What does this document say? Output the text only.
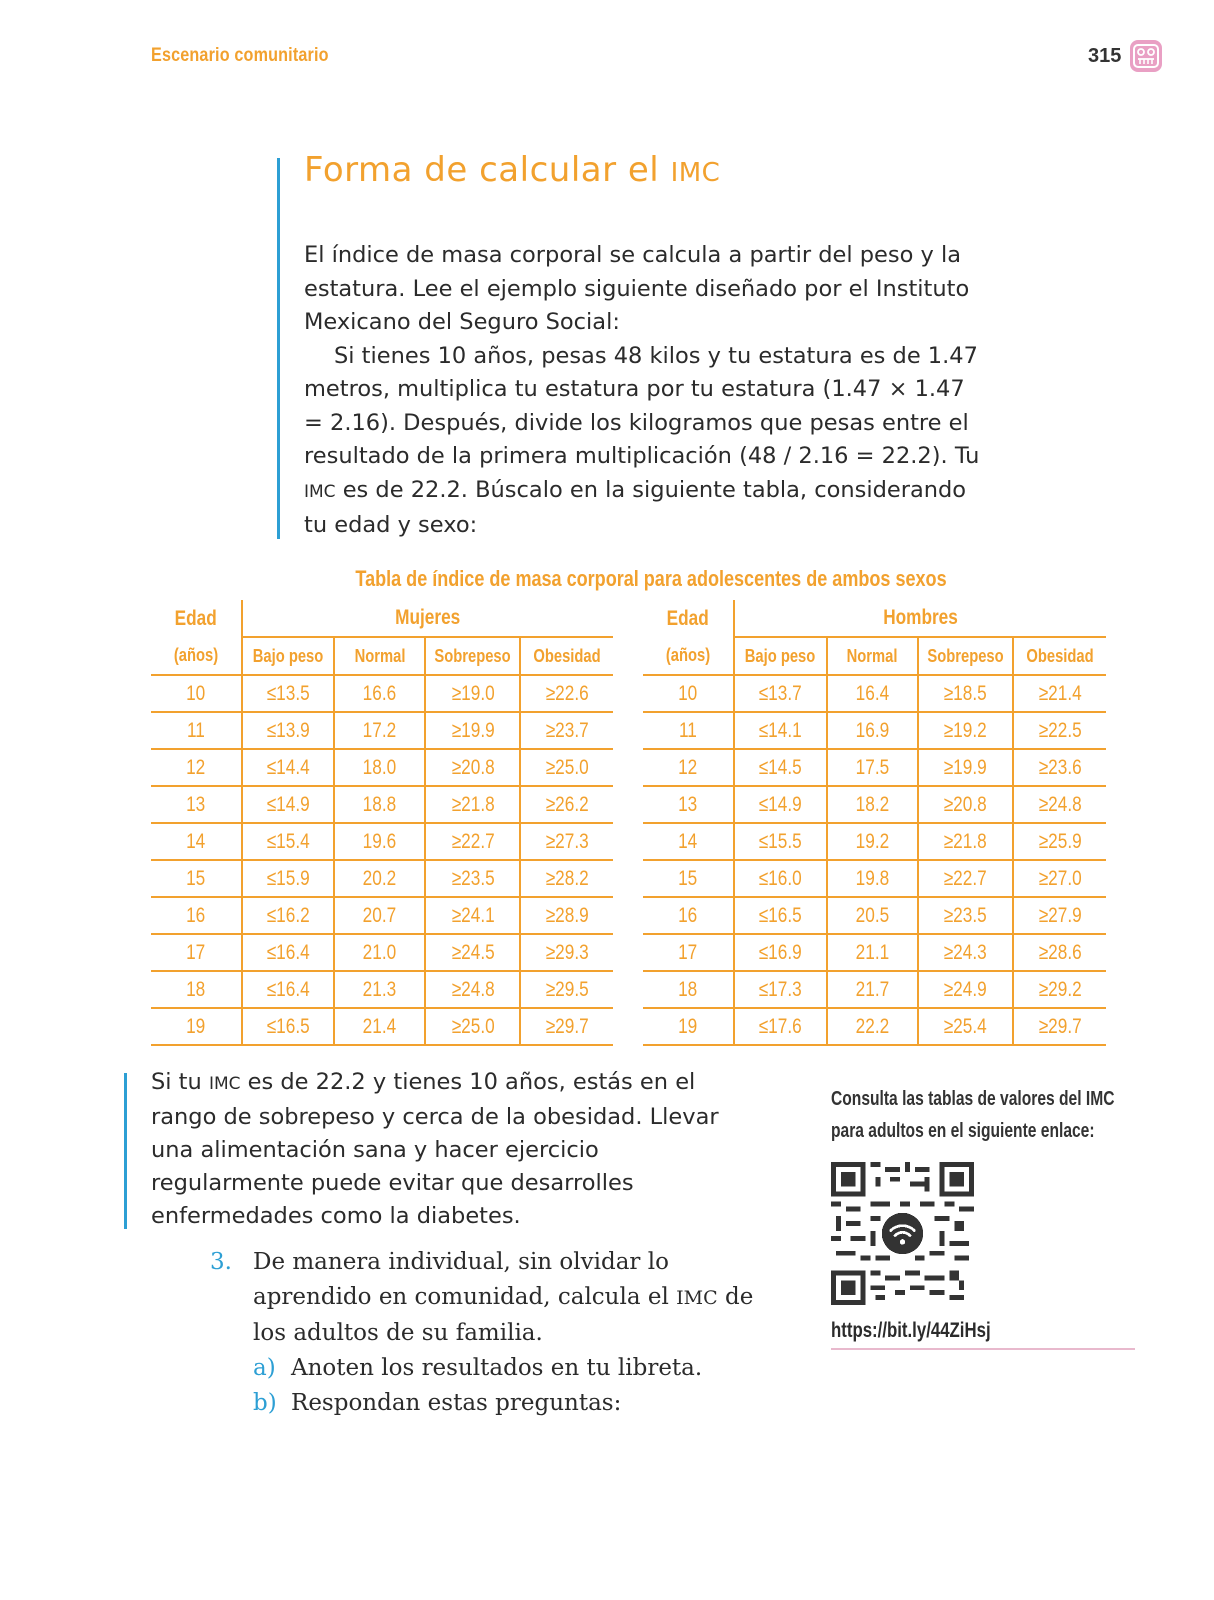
Escenario comunitario	315
Forma de calcular el IMC

El índice de masa corporal se calcula a partir del peso y la estatura. Lee el ejemplo siguiente diseñado por el Instituto Mexicano del Seguro Social:

Si tienes 10 años, pesas 48 kilos y tu estatura es de 1.47 metros, multiplica tu estatura por tu estatura (1.47 × 1.47 = 2.16). Después, divide los kilogramos que pesas entre el resultado de la primera multiplicación (48 / 2.16 = 22.2). Tu IMC es de 22.2. Búscalo en la siguiente tabla, considerando tu edad y sexo:

Tabla de índice de masa corporal para adolescentes de ambos sexos
Edad	Mujeres			
(años)	Bajo peso	Normal	Sobrepeso	Obesidad
10	≤13.5	16.6	≥19.0	≥22.6
11	≤13.9	17.2	≥19.9	≥23.7
12	≤14.4	18.0	≥20.8	≥25.0
13	≤14.9	18.8	≥21.8	≥26.2
14	≤15.4	19.6	≥22.7	≥27.3
15	≤15.9	20.2	≥23.5	≥28.2
16	≤16.2	20.7	≥24.1	≥28.9
17	≤16.4	21.0	≥24.5	≥29.3
18	≤16.4	21.3	≥24.8	≥29.5
19	≤16.5	21.4	≥25.0	≥29.7
Edad	Hombres			
(años)	Bajo peso	Normal	Sobrepeso	Obesidad
10	≤13.7	16.4	≥18.5	≥21.4
11	≤14.1	16.9	≥19.2	≥22.5
12	≤14.5	17.5	≥19.9	≥23.6
13	≤14.9	18.2	≥20.8	≥24.8
14	≤15.5	19.2	≥21.8	≥25.9
15	≤16.0	19.8	≥22.7	≥27.0
16	≤16.5	20.5	≥23.5	≥27.9
17	≤16.9	21.1	≥24.3	≥28.6
18	≤17.3	21.7	≥24.9	≥29.2
19	≤17.6	22.2	≥25.4	≥29.7
Si tu IMC es de 22.2 y tienes 10 años, estás en el rango de sobrepeso y cerca de la obesidad. Llevar una alimentación sana y hacer ejercicio regularmente puede evitar que desarrolles enfermedades como la diabetes.
3. De manera individual, sin olvidar lo aprendido en comunidad, calcula el IMC de los adultos de su familia.
a) Anoten los resultados en tu libreta.
b) Respondan estas preguntas:
Consulta las tablas de valores del IMC para adultos en el siguiente enlace:
https://bit.ly/44ZiHsj
